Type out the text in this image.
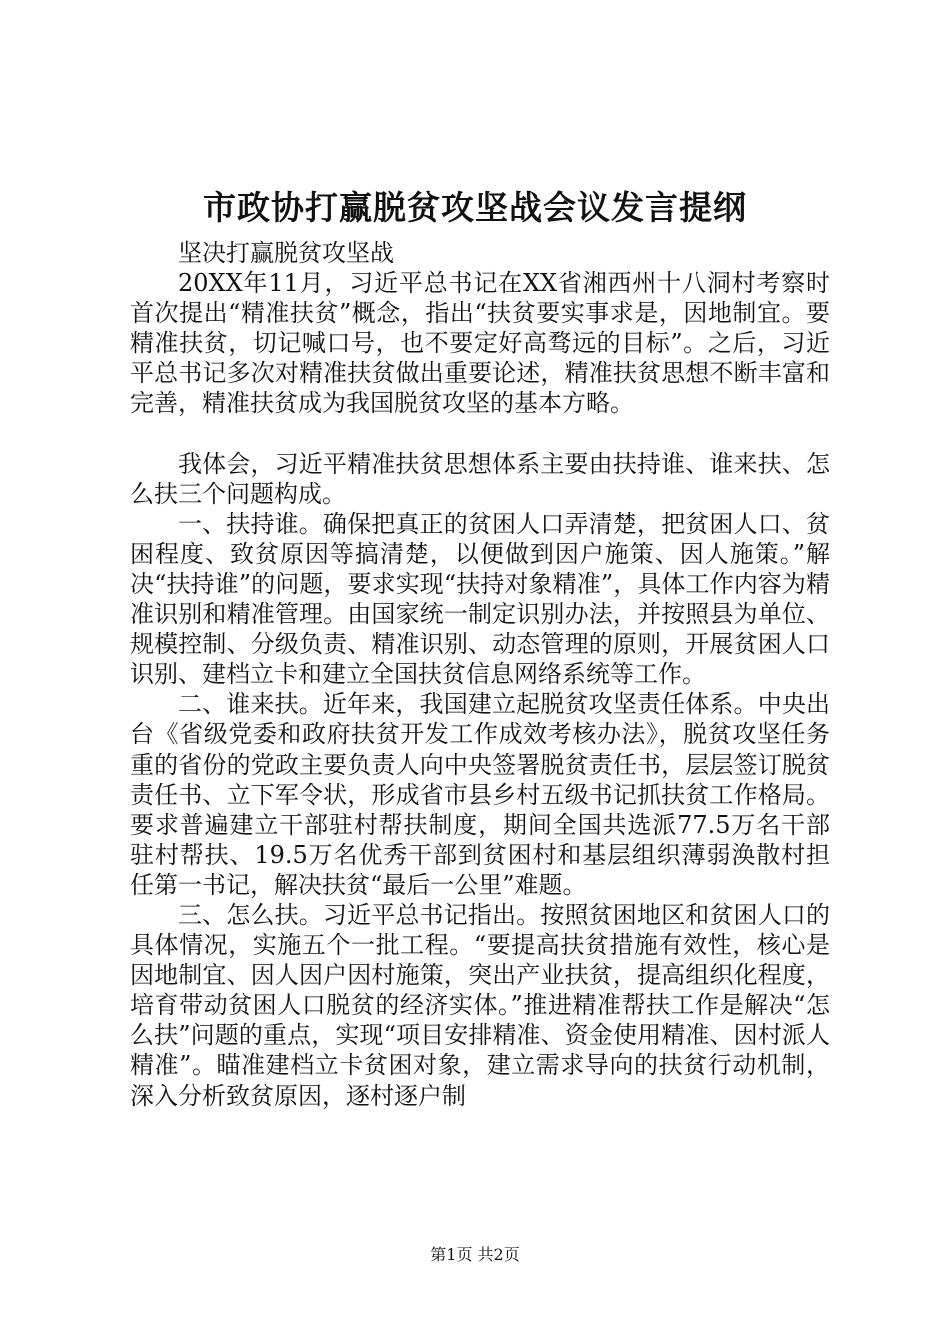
市政协打赢脱贫攻坚战会议发言提纲

坚决打赢脱贫攻坚战

20XX年11月，习近平总书记在XX省湘西州十八洞村考察时首次提出“精准扶贫”概念，指出“扶贫要实事求是，因地制宜。要精准扶贫，切记喊口号，也不要定好高骛远的目标”。之后，习近平总书记多次对精准扶贫做出重要论述，精准扶贫思想不断丰富和完善，精准扶贫成为我国脱贫攻坚的基本方略。

我体会，习近平精准扶贫思想体系主要由扶持谁、谁来扶、怎么扶三个问题构成。

一、扶持谁。确保把真正的贫困人口弄清楚，把贫困人口、贫困程度、致贫原因等搞清楚，以便做到因户施策、因人施策。”解决“扶持谁”的问题，要求实现“扶持对象精准”，具体工作内容为精准识别和精准管理。由国家统一制定识别办法，并按照县为单位、规模控制、分级负责、精准识别、动态管理的原则，开展贫困人口识别、建档立卡和建立全国扶贫信息网络系统等工作。

二、谁来扶。近年来，我国建立起脱贫攻坚责任体系。中央出台《省级党委和政府扶贫开发工作成效考核办法》，脱贫攻坚任务重的省份的党政主要负责人向中央签署脱贫责任书，层层签订脱贫责任书、立下军令状，形成省市县乡村五级书记抓扶贫工作格局。要求普遍建立干部驻村帮扶制度，期间全国共选派77.5万名干部驻村帮扶、19.5万名优秀干部到贫困村和基层组织薄弱涣散村担任第一书记，解决扶贫“最后一公里”难题。

三、怎么扶。习近平总书记指出。按照贫困地区和贫困人口的具体情况，实施五个一批工程。“要提高扶贫措施有效性，核心是因地制宜、因人因户因村施策，突出产业扶贫，提高组织化程度，培育带动贫困人口脱贫的经济实体。”推进精准帮扶工作是解决“怎么扶”问题的重点，实现“项目安排精准、资金使用精准、因村派人精准”。瞄准建档立卡贫困对象，建立需求导向的扶贫行动机制，深入分析致贫原因，逐村逐户制

第1页 共2页
